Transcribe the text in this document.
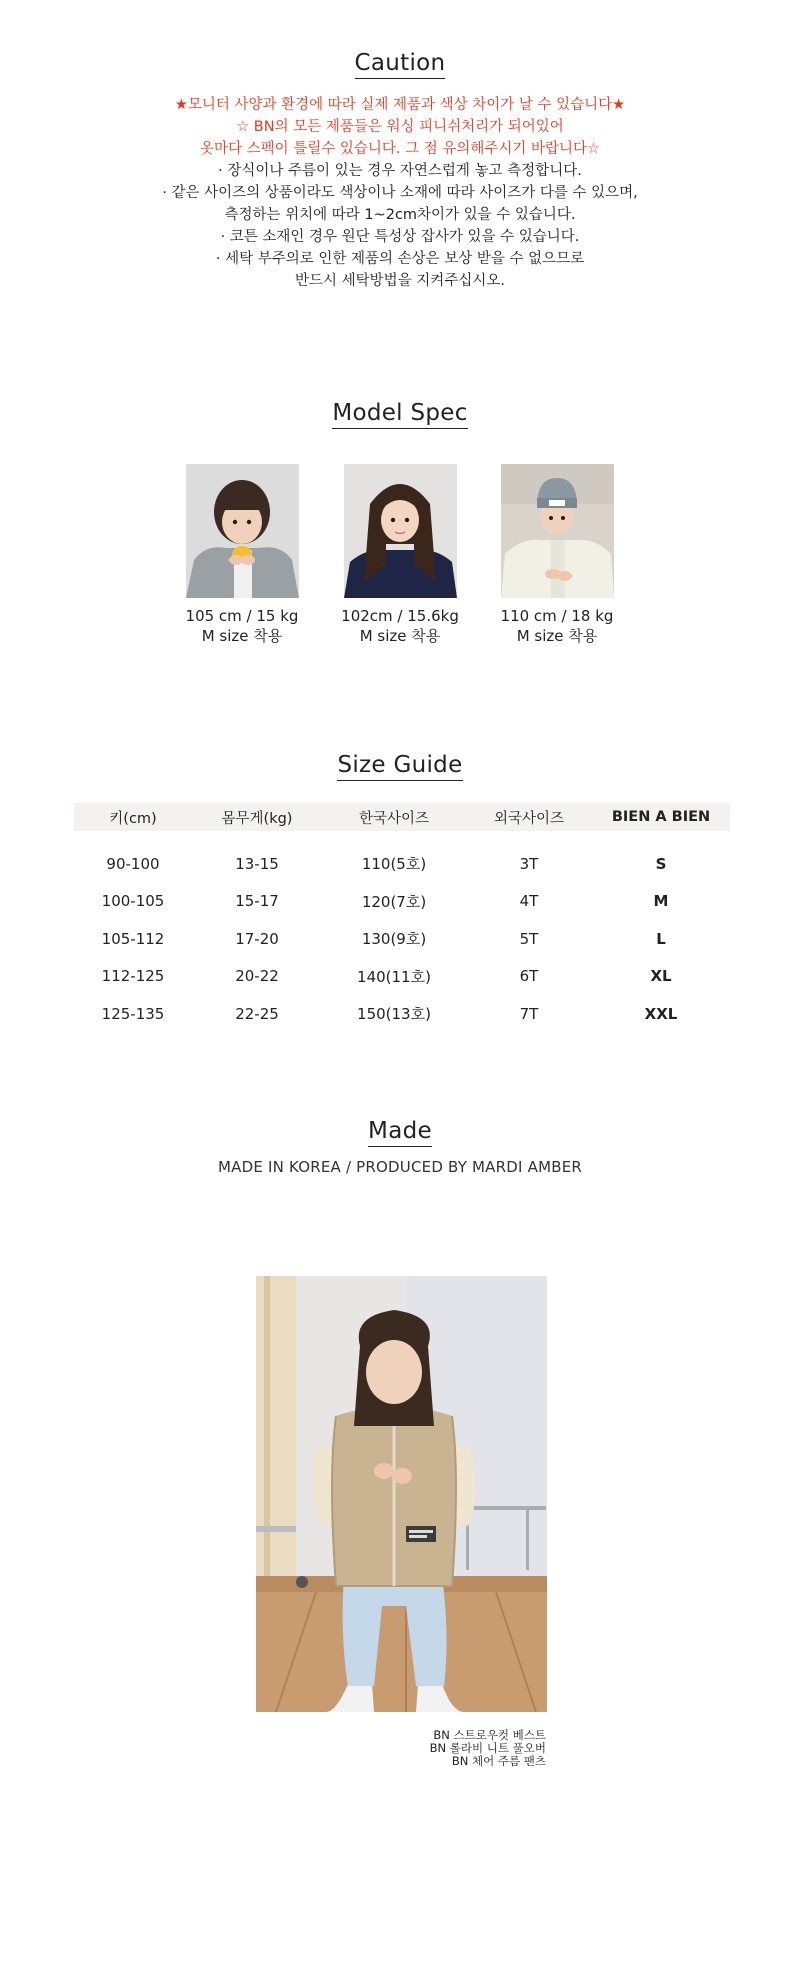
Caution
★모니터 사양과 환경에 따라 실제 제품과 색상 차이가 날 수 있습니다★
☆ BN의 모든 제품들은 워싱 피니쉬처리가 되어있어
옷마다 스펙이 틀릴수 있습니다. 그 점 유의해주시기 바랍니다☆
· 장식이나 주름이 있는 경우 자연스럽게 놓고 측정합니다.
· 같은 사이즈의 상품이라도 색상이나 소재에 따라 사이즈가 다를 수 있으며,
측정하는 위치에 따라 1~2cm차이가 있을 수 있습니다.
· 코튼 소재인 경우 원단 특성상 잡사가 있을 수 있습니다.
· 세탁 부주의로 인한 제품의 손상은 보상 받을 수 없으므로
반드시 세탁방법을 지켜주십시오.
Model Spec
105 cm / 15 kg
M size 착용
102cm / 15.6kg
M size 착용
110 cm / 18 kg
M size 착용
Size Guide
키(cm)	몸무게(kg)	한국사이즈	외국사이즈	BIEN A BIEN
90-100	13-15	110(5호)	3T	S
100-105	15-17	120(7호)	4T	M
105-112	17-20	130(9호)	5T	L
112-125	20-22	140(11호)	6T	XL
125-135	22-25	150(13호)	7T	XXL
Made
MADE IN KOREA / PRODUCED BY MARDI AMBER
BN 스트로우컷 베스트
BN 롤라비 니트 풀오버
BN 체어 주름 팬츠
